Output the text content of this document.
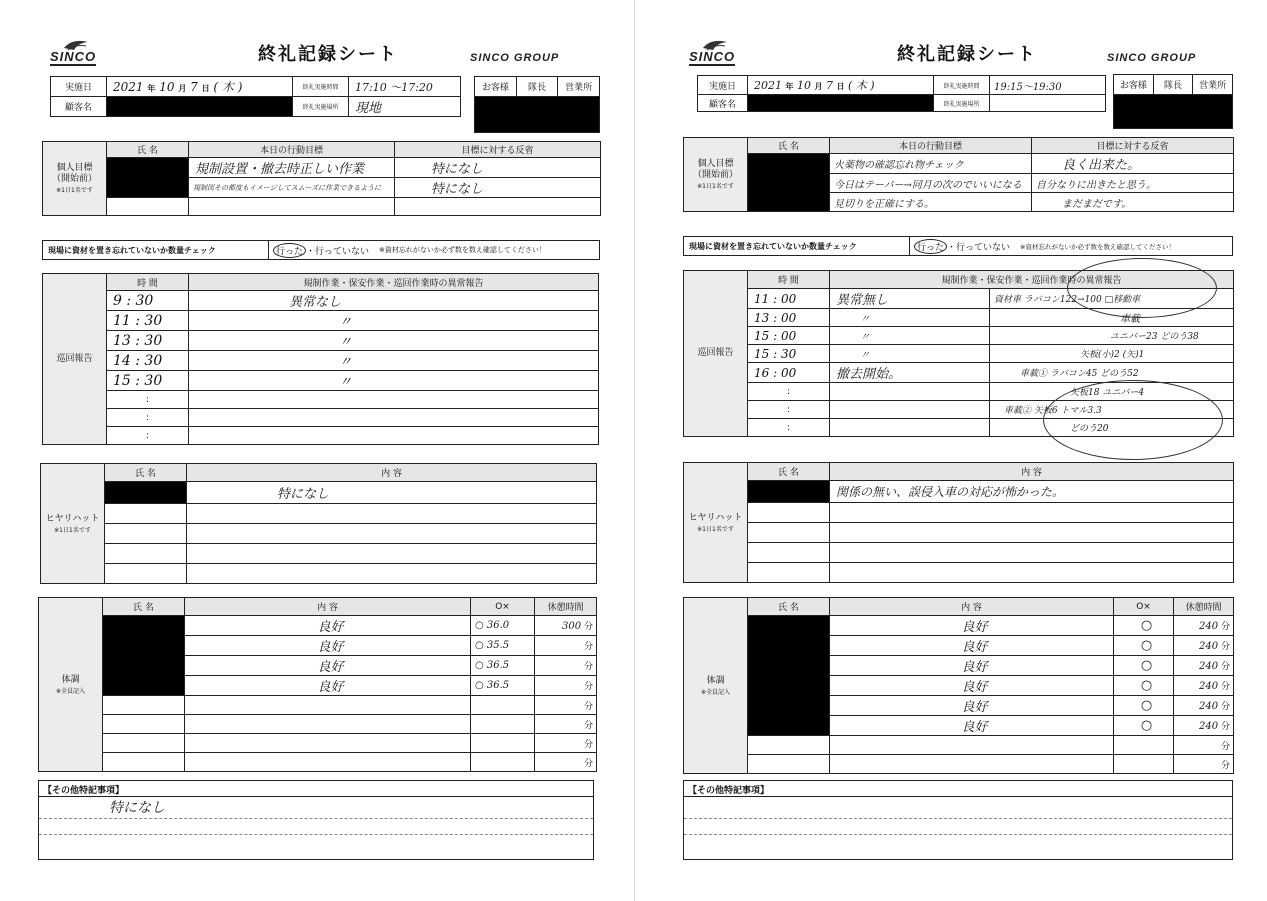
SINCO	終礼記録シート	SINCO GROUP
実施日	2021 年 10 月 7 日 ( 木 )	終礼実施時間	17:10 ～17:20
顧客名		終礼実施場所	現地
お客様	隊長	営業所

個人目標
（開始前）
※1日1名です	氏 名	本日の行動目標	目標に対する反省
		規制設置・撤去時正しい作業	特になし
		規制図その都度もイメージしてスムーズに作業できるように	特になし

現場に資材を置き忘れていないか数量チェック	行った ・行っていない	※資材忘れがないか必ず数を数え確認してください！
巡回報告	時 間	規制作業・保安作業・巡回作業時の異常報告
	9 : 30	異常なし
	11 : 30	〃
	13 : 30	〃
	14 : 30	〃
	15 : 30	〃
	:	
	:	
	:	
ヒヤリハット
※1日1名です	氏 名	内 容
		特になし

体調
※全員記入	氏 名	内 容	O×	休憩時間
		良好	○ 36.0	300 分
		良好	○ 35.5	分
		良好	○ 36.5	分
		良好	○ 36.5	分
				分
				分
				分
				分
【その他特記事項】
特になし
SINCO	終礼記録シート	SINCO GROUP
実施日	2021 年 10 月 7 日 ( 木 )	終礼実施時間	19:15～19:30
顧客名		終礼実施場所	
お客様	隊長	営業所

個人目標
（開始前）
※1日1名です	氏 名	本日の行動目標	目標に対する反省
		火薬物の確認忘れ物チェック	良く出来た。
		今日はテーパー→同月の次のでいいになる	自分なりに出きたと思う。
		見切りを正確にする。	まだまだです。
現場に資材を置き忘れていないか数量チェック	行った ・行っていない	※資材忘れがないか必ず数を数え確認してください！
巡回報告	時 間	規制作業・保安作業・巡回作業時の異常報告	
	11 : 00	異常無し	資材車 ラバコン122→100 □移動車
	13 : 00	〃	車載
	15 : 00	〃	ユニバー23 どのう38
	15 : 30	〃	矢板(小)2 (矢)1
	16 : 00	撤去開始。	車載① ラバコン45 どのう52
	:		矢板18 ユニバー4
	:		車載② 矢板6 トマル3.3
	:		どのう20
ヒヤリハット
※1日1名です	氏 名	内 容
		関係の無い、誤侵入車の対応が怖かった。

体調
※全員記入	氏 名	内 容	O×	休憩時間
		良好	○	240 分
		良好	○	240 分
		良好	○	240 分
		良好	○	240 分
		良好	○	240 分
		良好	○	240 分
				分
				分
【その他特記事項】
